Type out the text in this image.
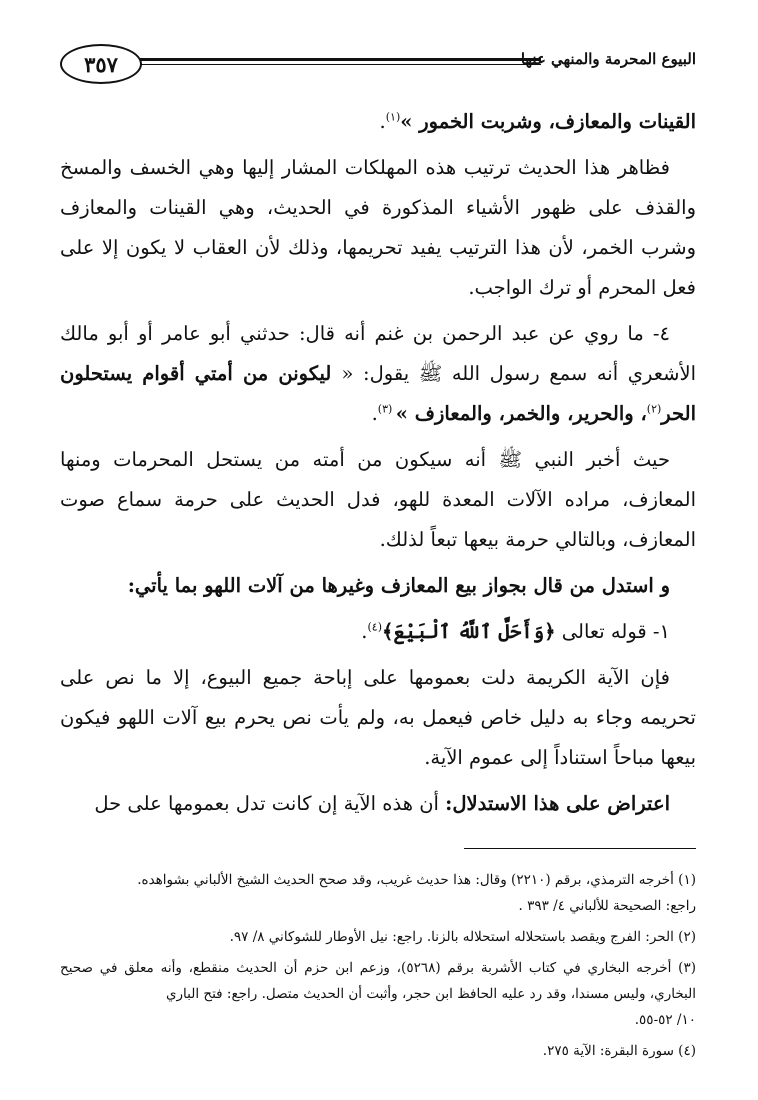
٣٥٧	البيوع المحرمة والمنهي عنها

القينات والمعازف، وشربت الخمور »$^{(١)}$.

فظاهر هذا الحديث ترتيب هذه المهلكات المشار إليها وهي الخسف والمسخ والقذف على ظهور الأشياء المذكورة في الحديث، وهي القينات والمعازف وشرب الخمر، لأن هذا الترتيب يفيد تحريمها، وذلك لأن العقاب لا يكون إلا على فعل المحرم أو ترك الواجب.

٤- ما روي عن عبد الرحمن بن غنم أنه قال: حدثني أبو عامر أو أبو مالك الأشعري أنه سمع رسول الله ﷺ يقول: « ليكونن من أمتي أقوام يستحلون الحر$^{(٢)}$، والحرير، والخمر، والمعازف » $^{(٣)}$.

حيث أخبر النبي ﷺ أنه سيكون من أمته من يستحل المحرمات ومنها المعازف، مراده الآلات المعدة للهو، فدل الحديث على حرمة سماع صوت المعازف، وبالتالي حرمة بيعها تبعاً لذلك.

و استدل من قال بجواز بيع المعازف وغيرها من آلات اللهو بما يأتي:

١- قوله تعالى ﴿وَأَحَلَّ ٱللَّهُ ٱلْبَيْعَ﴾$^{(٤)}$.

فإن الآية الكريمة دلت بعمومها على إباحة جميع البيوع، إلا ما نص على تحريمه وجاء به دليل خاص فيعمل به، ولم يأت نص يحرم بيع آلات اللهو فيكون بيعها مباحاً استناداً إلى عموم الآية.

اعتراض على هذا الاستدلال: أن هذه الآية إن كانت تدل بعمومها على حل

(١) أخرجه الترمذي، برقم (٢٢١٠) وقال: هذا حديث غريب، وقد صحح الحديث الشيخ الألباني بشواهده.
راجع: الصحيحة للألباني ٤/ ٣٩٣ .

(٢) الحر: الفرج ويقصد باستحلاله استحلاله بالزنا. راجع: نيل الأوطار للشوكاني ٨/ ٩٧.

(٣) أخرجه البخاري في كتاب الأشربة برقم (٥٢٦٨)، وزعم ابن حزم أن الحديث منقطع، وأنه معلق في صحيح البخاري، وليس مسندا، وقد رد عليه الحافظ ابن حجر، وأثبت أن الحديث متصل. راجع: فتح الباري
١٠/ ٥٢-٥٥.

(٤) سورة البقرة: الآية ٢٧٥.
